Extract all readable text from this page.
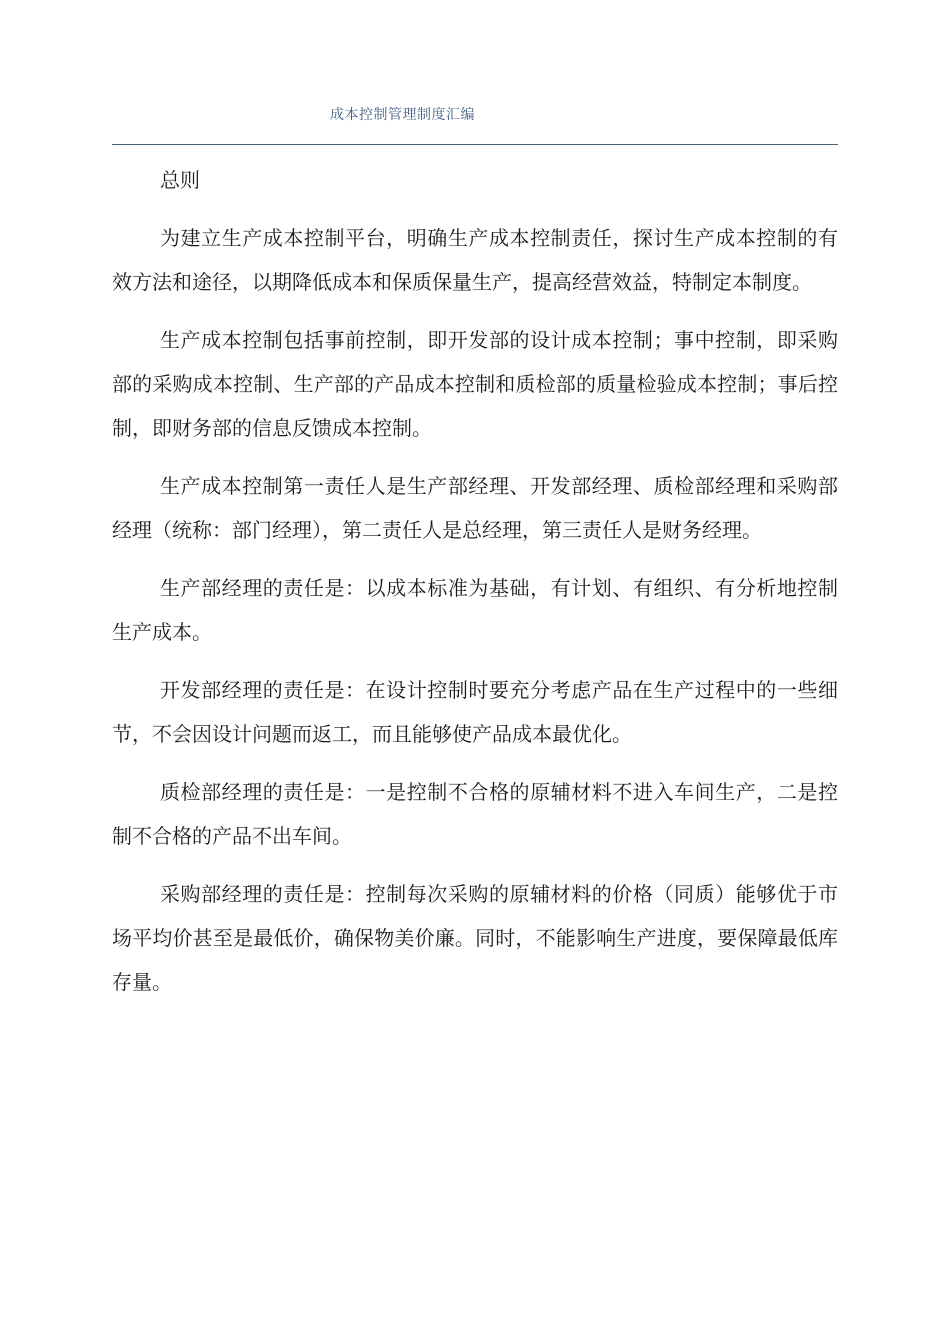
成本控制管理制度汇编
总则

为建立生产成本控制平台，明确生产成本控制责任，探讨生产成本控制的有效方法和途径，以期降低成本和保质保量生产，提高经营效益，特制定本制度。

生产成本控制包括事前控制，即开发部的设计成本控制；事中控制，即采购部的采购成本控制、生产部的产品成本控制和质检部的质量检验成本控制；事后控制，即财务部的信息反馈成本控制。

生产成本控制第一责任人是生产部经理、开发部经理、质检部经理和采购部经理（统称：部门经理），第二责任人是总经理，第三责任人是财务经理。

生产部经理的责任是：以成本标准为基础，有计划、有组织、有分析地控制生产成本。

开发部经理的责任是：在设计控制时要充分考虑产品在生产过程中的一些细节，不会因设计问题而返工，而且能够使产品成本最优化。

质检部经理的责任是：一是控制不合格的原辅材料不进入车间生产，二是控制不合格的产品不出车间。

采购部经理的责任是：控制每次采购的原辅材料的价格（同质）能够优于市场平均价甚至是最低价，确保物美价廉。同时，不能影响生产进度，要保障最低库存量。
